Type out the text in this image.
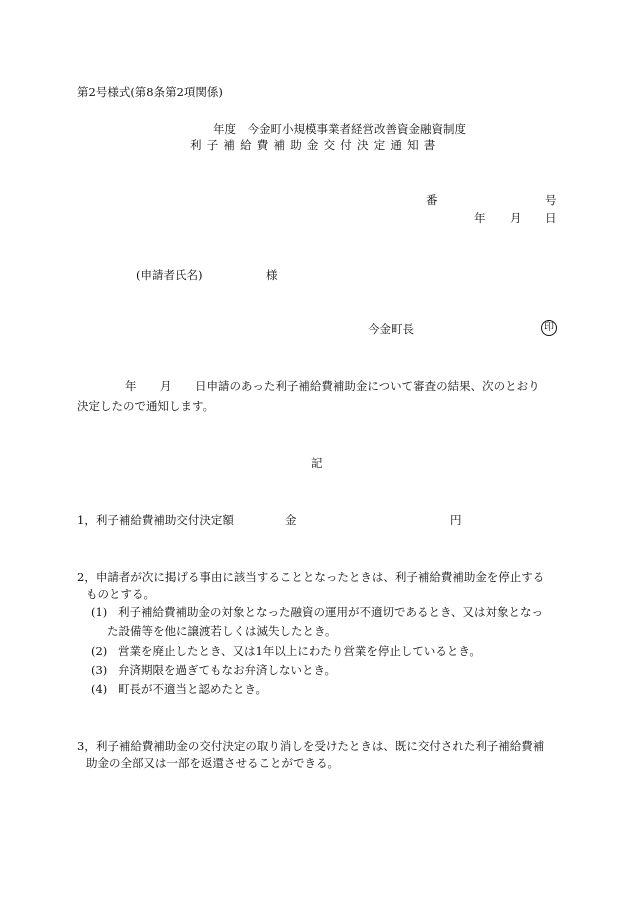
第2号様式(第8条第2項関係)
年度　今金町小規模事業者経営改善資金融資制度
利子補給費補助金交付決定通知書
番	号
年 月 日
(申請者氏名)	様
今金町長	印
年 月 日申請のあった利子補給費補助金について審査の結果、次のとおり
決定したので通知します。
記
1，利子補給費補助交付決定額	金	円
2，申請者が次に掲げる事由に該当することとなったときは、利子補給費補助金を停止する
ものとする。
(1) 利子補給費補助金の対象となった融資の運用が不適切であるとき、又は対象となっ
た設備等を他に譲渡若しくは滅失したとき。
(2) 営業を廃止したとき、又は1年以上にわたり営業を停止しているとき。
(3) 弁済期限を過ぎてもなお弁済しないとき。
(4) 町長が不適当と認めたとき。
3，利子補給費補助金の交付決定の取り消しを受けたときは、既に交付された利子補給費補
助金の全部又は一部を返還させることができる。
